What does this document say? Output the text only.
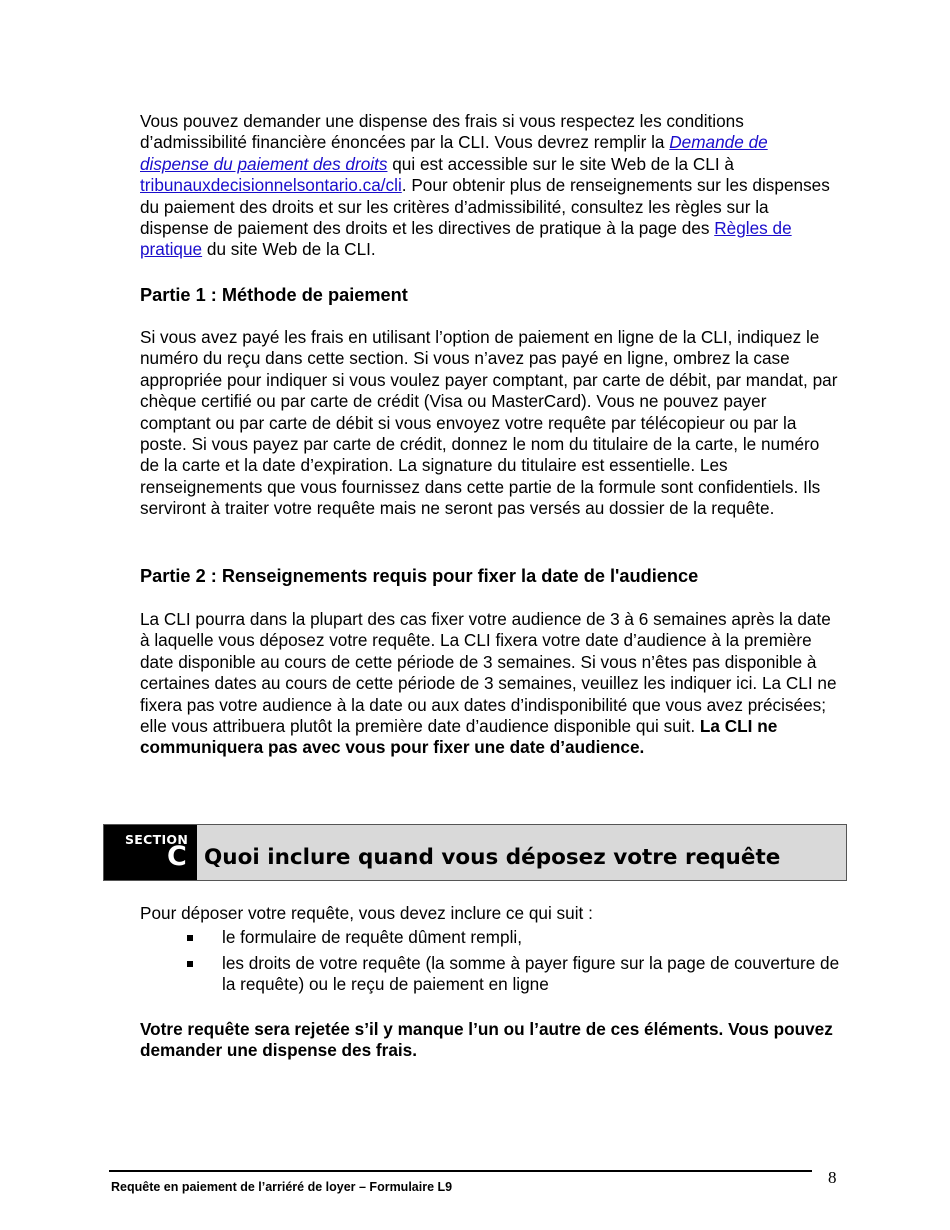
Vous pouvez demander une dispense des frais si vous respectez les conditions d’admissibilité financière énoncées par la CLI. Vous devrez remplir la Demande de dispense du paiement des droits qui est accessible sur le site Web de la CLI à tribunauxdecisionnelsontario.ca/cli. Pour obtenir plus de renseignements sur les dispenses du paiement des droits et sur les critères d’admissibilité, consultez les règles sur la dispense de paiement des droits et les directives de pratique à la page des Règles de pratique du site Web de la CLI.

Partie 1 : Méthode de paiement

Si vous avez payé les frais en utilisant l’option de paiement en ligne de la CLI, indiquez le numéro du reçu dans cette section. Si vous n’avez pas payé en ligne, ombrez la case appropriée pour indiquer si vous voulez payer comptant, par carte de débit, par mandat, par chèque certifié ou par carte de crédit (Visa ou MasterCard). Vous ne pouvez payer comptant ou par carte de débit si vous envoyez votre requête par télécopieur ou par la poste. Si vous payez par carte de crédit, donnez le nom du titulaire de la carte, le numéro de la carte et la date d’expiration. La signature du titulaire est essentielle. Les renseignements que vous fournissez dans cette partie de la formule sont confidentiels. Ils serviront à traiter votre requête mais ne seront pas versés au dossier de la requête.

Partie 2 : Renseignements requis pour fixer la date de l'audience

La CLI pourra dans la plupart des cas fixer votre audience de 3 à 6 semaines après la date à laquelle vous déposez votre requête. La CLI fixera votre date d’audience à la première date disponible au cours de cette période de 3 semaines. Si vous n’êtes pas disponible à certaines dates au cours de cette période de 3 semaines, veuillez les indiquer ici. La CLI ne fixera pas votre audience à la date ou aux dates d’indisponibilité que vous avez précisées; elle vous attribuera plutôt la première date d’audience disponible qui suit. La CLI ne communiquera pas avec vous pour fixer une date d’audience.

SECTION
C Quoi inclure quand vous déposez votre requête

Pour déposer votre requête, vous devez inclure ce qui suit :

le formulaire de requête dûment rempli,
les droits de votre requête (la somme à payer figure sur la page de couverture de la requête) ou le reçu de paiement en ligne

Votre requête sera rejetée s’il y manque l’un ou l’autre de ces éléments. Vous pouvez demander une dispense des frais.

Requête en paiement de l’arriéré de loyer – Formulaire L9	8
